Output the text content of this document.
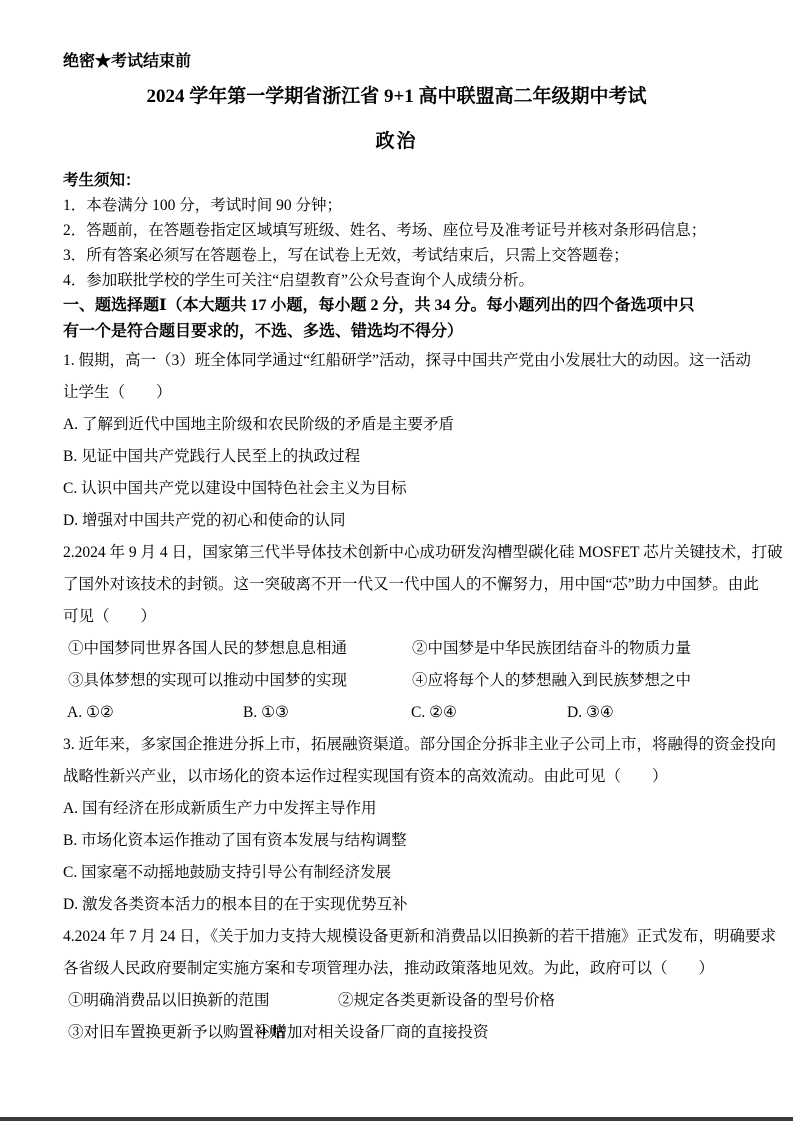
绝密★考试结束前
2024 学年第一学期省浙江省 9+1 高中联盟高二年级期中考试
政治
考生须知：
1．本卷满分 100 分，考试时间 90 分钟；
2．答题前，在答题卷指定区域填写班级、姓名、考场、座位号及准考证号并核对条形码信息；
3．所有答案必须写在答题卷上，写在试卷上无效，考试结束后，只需上交答题卷；
4．参加联批学校的学生可关注“启望教育”公众号查询个人成绩分析。
一、题选择题Ⅰ（本大题共 17 小题，每小题 2 分，共 34 分。每小题列出的四个备选项中只
有一个是符合题目要求的，不选、多选、错选均不得分）
1. 假期，高一（3）班全体同学通过“红船研学”活动，探寻中国共产党由小发展壮大的动因。这一活动
让学生（　　）
A. 了解到近代中国地主阶级和农民阶级的矛盾是主要矛盾
B. 见证中国共产党践行人民至上的执政过程
C. 认识中国共产党以建设中国特色社会主义为目标
D. 增强对中国共产党的初心和使命的认同
2.2024 年 9 月 4 日，国家第三代半导体技术创新中心成功研发沟槽型碳化硅 MOSFET 芯片关键技术，打破
了国外对该技术的封锁。这一突破离不开一代又一代中国人的不懈努力，用中国“芯”助力中国梦。由此
可见（　　）
①中国梦同世界各国人民的梦想息息相通	②中国梦是中华民族团结奋斗的物质力量
③具体梦想的实现可以推动中国梦的实现	④应将每个人的梦想融入到民族梦想之中
A. ①②	B. ①③	C. ②④	D. ③④
3. 近年来，多家国企推进分拆上市，拓展融资渠道。部分国企分拆非主业子公司上市，将融得的资金投向
战略性新兴产业，以市场化的资本运作过程实现国有资本的高效流动。由此可见（　　）
A. 国有经济在形成新质生产力中发挥主导作用
B. 市场化资本运作推动了国有资本发展与结构调整
C. 国家毫不动摇地鼓励支持引导公有制经济发展
D. 激发各类资本活力的根本目的在于实现优势互补
4.2024 年 7 月 24 日，《关于加力支持大规模设备更新和消费品以旧换新的若干措施》正式发布，明确要求
各省级人民政府要制定实施方案和专项管理办法，推动政策落地见效。为此，政府可以（　　）
①明确消费品以旧换新的范围	②规定各类更新设备的型号价格
③对旧车置换更新予以购置补贴④增加对相关设备厂商的直接投资
